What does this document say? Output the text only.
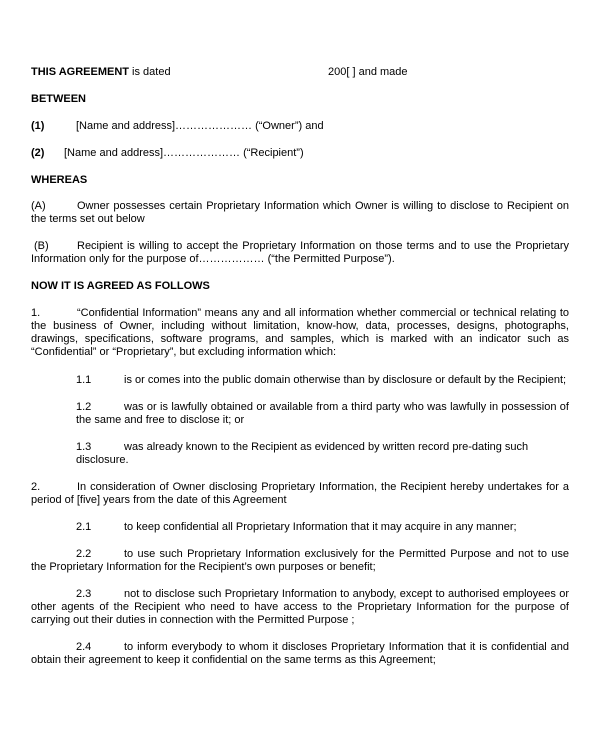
THIS AGREEMENT is dated	200[ ] and made
BETWEEN
(1)	[Name and address]………………… (“Owner”) and
(2) [Name and address]………………… (“Recipient”)
WHEREAS
(A)	Owner possesses certain Proprietary Information which Owner is willing to disclose to Recipient on the terms set out below
(B)	Recipient is willing to accept the Proprietary Information on those terms and to use the Proprietary Information only for the purpose of……………… (“the Permitted Purpose”).
NOW IT IS AGREED AS FOLLOWS
1.	“Confidential Information” means any and all information whether commercial or technical relating to the business of Owner, including without limitation, know-how, data, processes, designs, photographs, drawings, specifications, software programs, and samples, which is marked with an indicator such as “Confidential” or “Proprietary”, but excluding information which:
1.1	is or comes into the public domain otherwise than by disclosure or default by the Recipient;
1.2	was or is lawfully obtained or available from a third party who was lawfully in possession of the same and free to disclose it; or
1.3	was already known to the Recipient as evidenced by written record pre-dating such disclosure.
2.	In consideration of Owner disclosing Proprietary Information, the Recipient hereby undertakes for a period of [five] years from the date of this Agreement
2.1	to keep confidential all Proprietary Information that it may acquire in any manner;
2.2	to use such Proprietary Information exclusively for the Permitted Purpose and not to use the Proprietary Information for the Recipient’s own purposes or benefit;
2.3	not to disclose such Proprietary Information to anybody, except to authorised employees or other agents of the Recipient who need to have access to the Proprietary Information for the purpose of carrying out their duties in connection with the Permitted Purpose ;
2.4	to inform everybody to whom it discloses Proprietary Information that it is confidential and obtain their agreement to keep it confidential on the same terms as this Agreement;
